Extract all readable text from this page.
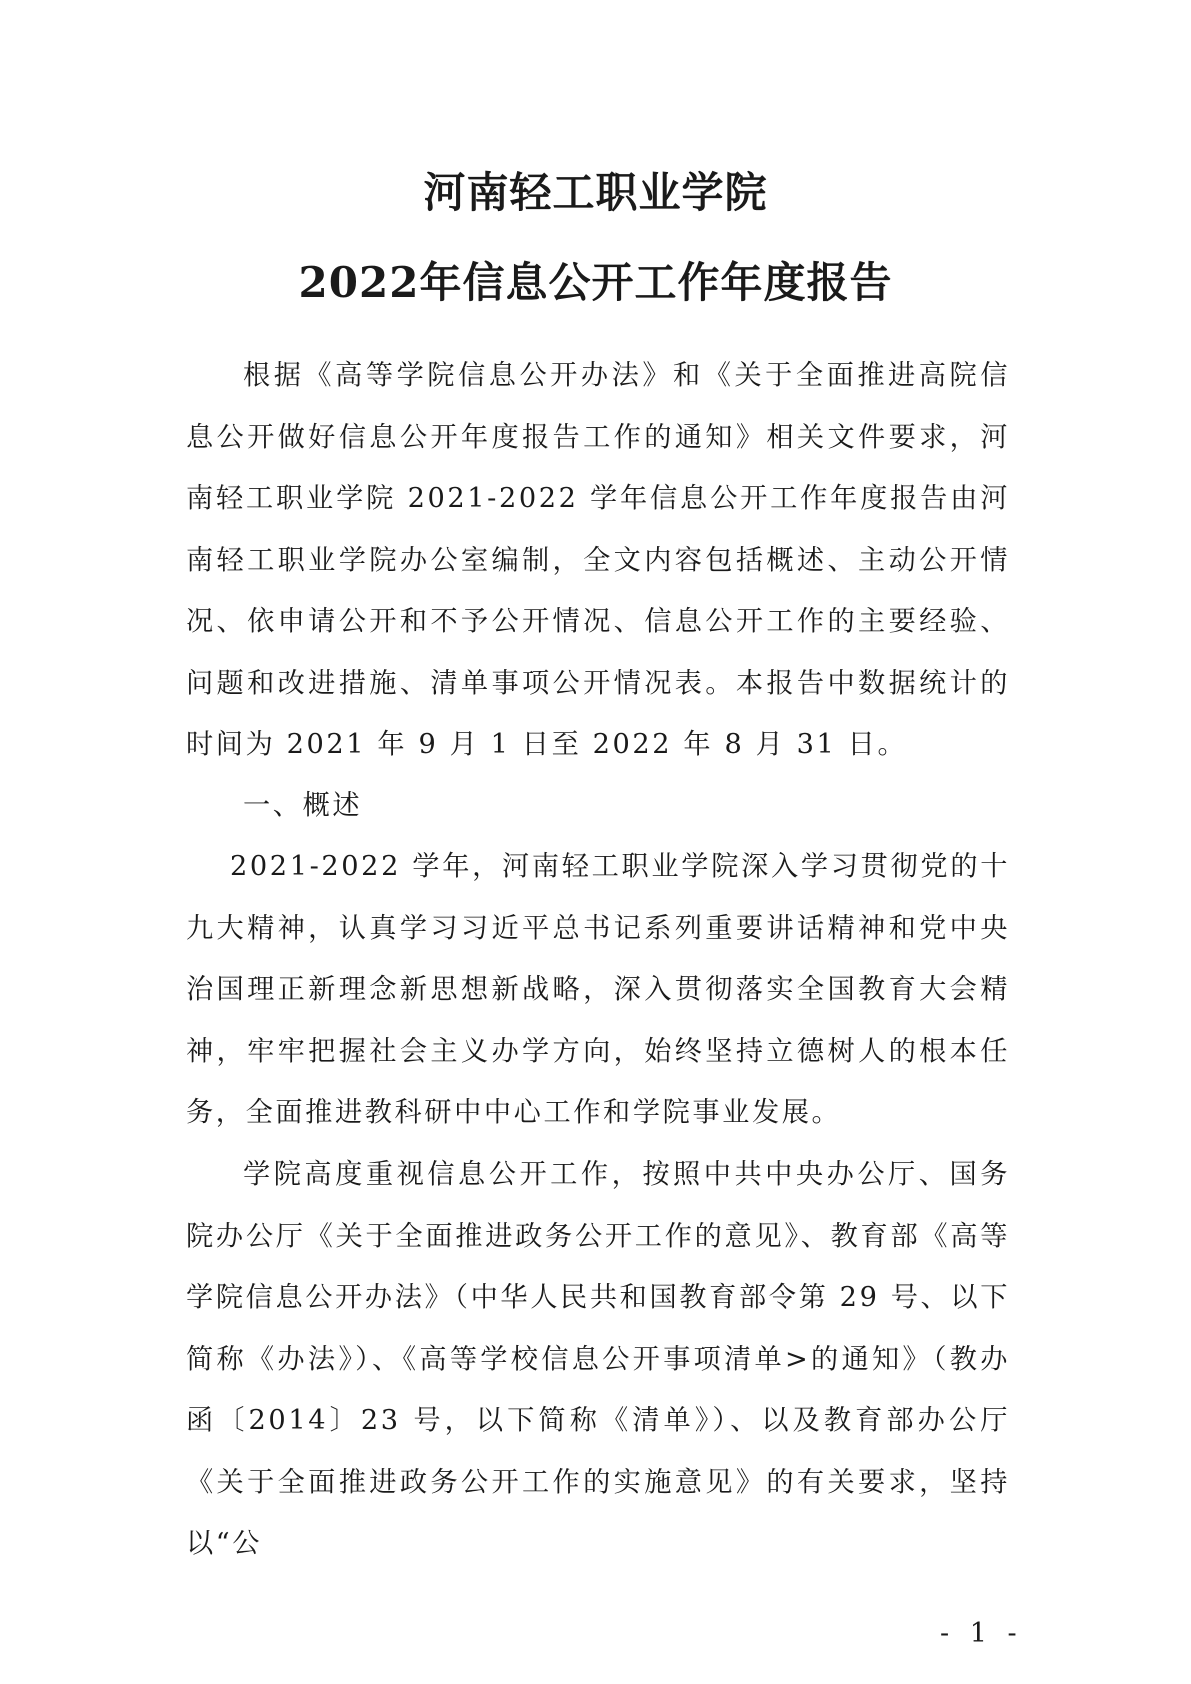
河南轻工职业学院
2022年信息公开工作年度报告

根据《高等学院信息公开办法》和《关于全面推进高院信息公开做好信息公开年度报告工作的通知》相关文件要求，河南轻工职业学院 2021-2022 学年信息公开工作年度报告由河南轻工职业学院办公室编制，全文内容包括概述、主动公开情况、依申请公开和不予公开情况、信息公开工作的主要经验、问题和改进措施、清单事项公开情况表。本报告中数据统计的时间为 2021 年 9 月 1 日至 2022 年 8 月 31 日。

一、概述

2021-2022 学年，河南轻工职业学院深入学习贯彻党的十九大精神，认真学习习近平总书记系列重要讲话精神和党中央治国理正新理念新思想新战略，深入贯彻落实全国教育大会精神，牢牢把握社会主义办学方向，始终坚持立德树人的根本任务，全面推进教科研中中心工作和学院事业发展。

学院高度重视信息公开工作，按照中共中央办公厅、国务院办公厅《关于全面推进政务公开工作的意见》、教育部《高等学院信息公开办法》（中华人民共和国教育部令第 29 号、以下简称《办法》）、《高等学校信息公开事项清单>的通知》（教办函〔2014〕23 号，以下简称《清单》）、以及教育部办公厅《关于全面推进政务公开工作的实施意见》的有关要求，坚持以“公

- 1 -
